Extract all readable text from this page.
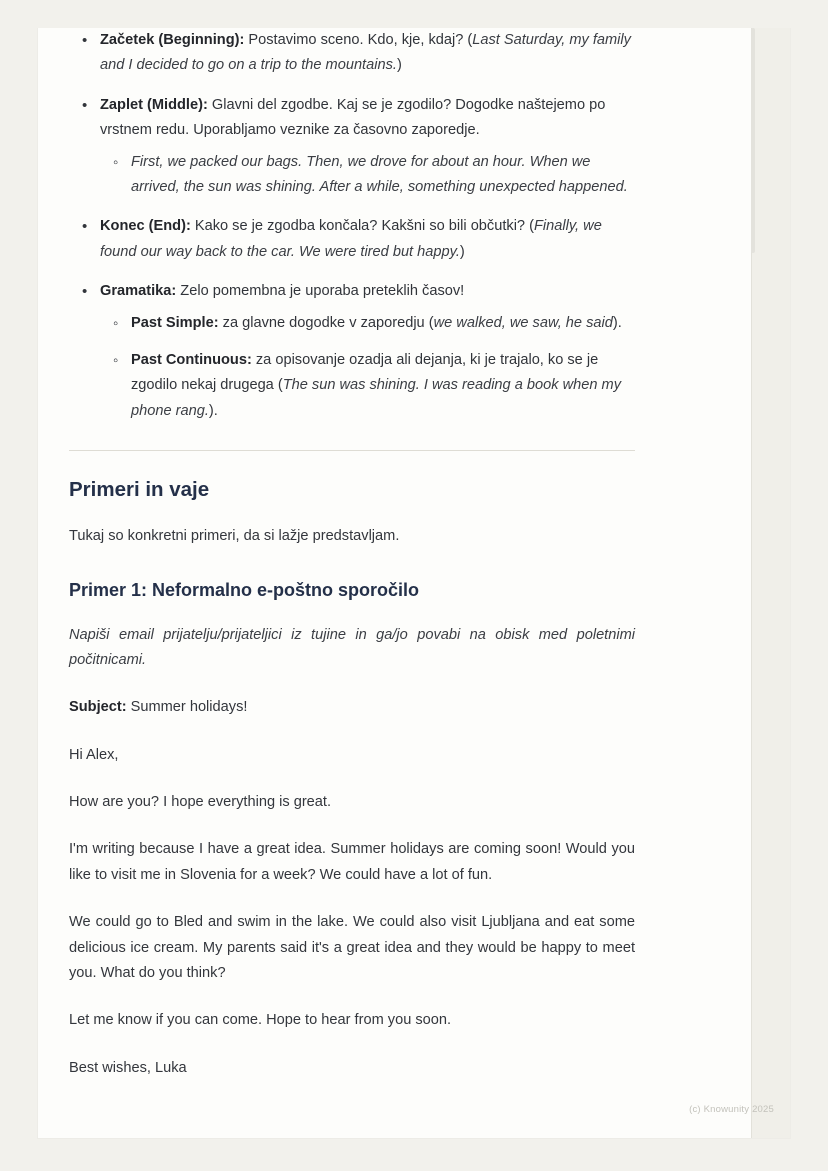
• Začetek (Beginning): Postavimo sceno. Kdo, kje, kdaj? (Last Saturday, my family and I decided to go on a trip to the mountains.)
• Zaplet (Middle): Glavni del zgodbe. Kaj se je zgodilo? Dogodke naštejemo po vrstnem redu. Uporabljamo veznike za časovno zaporedje.
◦ First, we packed our bags. Then, we drove for about an hour. When we arrived, the sun was shining. After a while, something unexpected happened.
• Konec (End): Kako se je zgodba končala? Kakšni so bili občutki? (Finally, we found our way back to the car. We were tired but happy.)
• Gramatika: Zelo pomembna je uporaba preteklih časov!
◦ Past Simple: za glavne dogodke v zaporedju (we walked, we saw, he said).
◦ Past Continuous: za opisovanje ozadja ali dejanja, ki je trajalo, ko se je zgodilo nekaj drugega (The sun was shining. I was reading a book when my phone rang.).
Primeri in vaje

Tukaj so konkretni primeri, da si lažje predstavljam.

Primer 1: Neformalno e-poštno sporočilo

Napiši email prijatelju/prijateljici iz tujine in ga/jo povabi na obisk med poletnimi počitnicami.

Subject: Summer holidays!

Hi Alex,

How are you? I hope everything is great.

I'm writing because I have a great idea. Summer holidays are coming soon! Would you like to visit me in Slovenia for a week? We could have a lot of fun.

We could go to Bled and swim in the lake. We could also visit Ljubljana and eat some delicious ice cream. My parents said it's a great idea and they would be happy to meet you. What do you think?

Let me know if you can come. Hope to hear from you soon.

Best wishes, Luka

(c) Knowunity 2025
